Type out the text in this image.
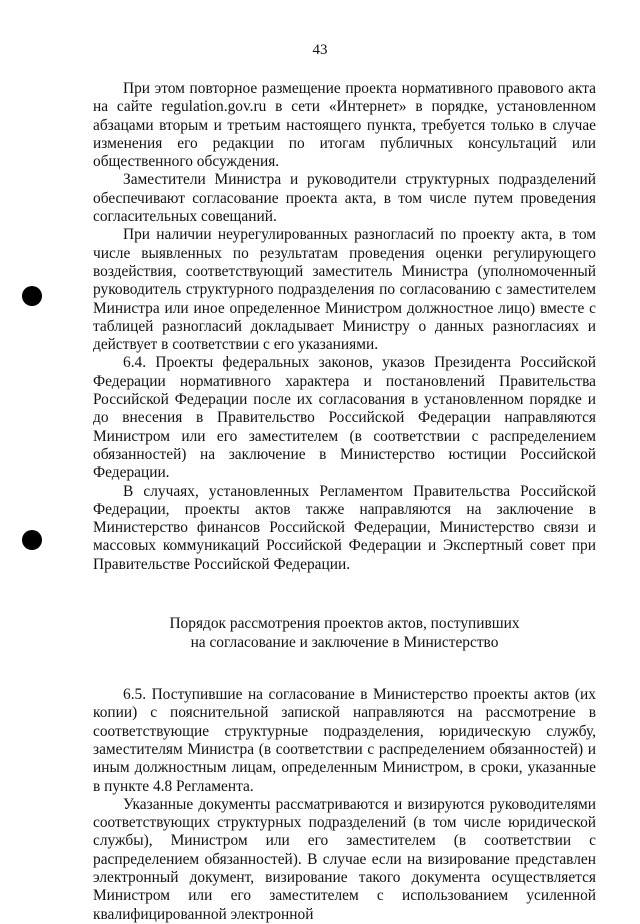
43

При этом повторное размещение проекта нормативного правового акта на сайте regulation.gov.ru в сети «Интернет» в порядке, установленном абзацами вторым и третьим настоящего пункта, требуется только в случае изменения его редакции по итогам публичных консультаций или общественного обсуждения.

Заместители Министра и руководители структурных подразделений обеспечивают согласование проекта акта, в том числе путем проведения согласительных совещаний.

При наличии неурегулированных разногласий по проекту акта, в том числе выявленных по результатам проведения оценки регулирующего воздействия, соответствующий заместитель Министра (уполномоченный руководитель структурного подразделения по согласованию с заместителем Министра или иное определенное Министром должностное лицо) вместе с таблицей разногласий докладывает Министру о данных разногласиях и действует в соответствии с его указаниями.

6.4. Проекты федеральных законов, указов Президента Российской Федерации нормативного характера и постановлений Правительства Российской Федерации после их согласования в установленном порядке и до внесения в Правительство Российской Федерации направляются Министром или его заместителем (в соответствии с распределением обязанностей) на заключение в Министерство юстиции Российской Федерации.

В случаях, установленных Регламентом Правительства Российской Федерации, проекты актов также направляются на заключение в Министерство финансов Российской Федерации, Министерство связи и массовых коммуникаций Российской Федерации и Экспертный совет при Правительстве Российской Федерации.

Порядок рассмотрения проектов актов, поступивших
на согласование и заключение в Министерство

6.5. Поступившие на согласование в Министерство проекты актов (их копии) с пояснительной запиской направляются на рассмотрение в соответствующие структурные подразделения, юридическую службу, заместителям Министра (в соответствии с распределением обязанностей) и иным должностным лицам, определенным Министром, в сроки, указанные в пункте 4.8 Регламента.

Указанные документы рассматриваются и визируются руководителями соответствующих структурных подразделений (в том числе юридической службы), Министром или его заместителем (в соответствии с распределением обязанностей). В случае если на визирование представлен электронный документ, визирование такого документа осуществляется Министром или его заместителем с использованием усиленной квалифицированной электронной
